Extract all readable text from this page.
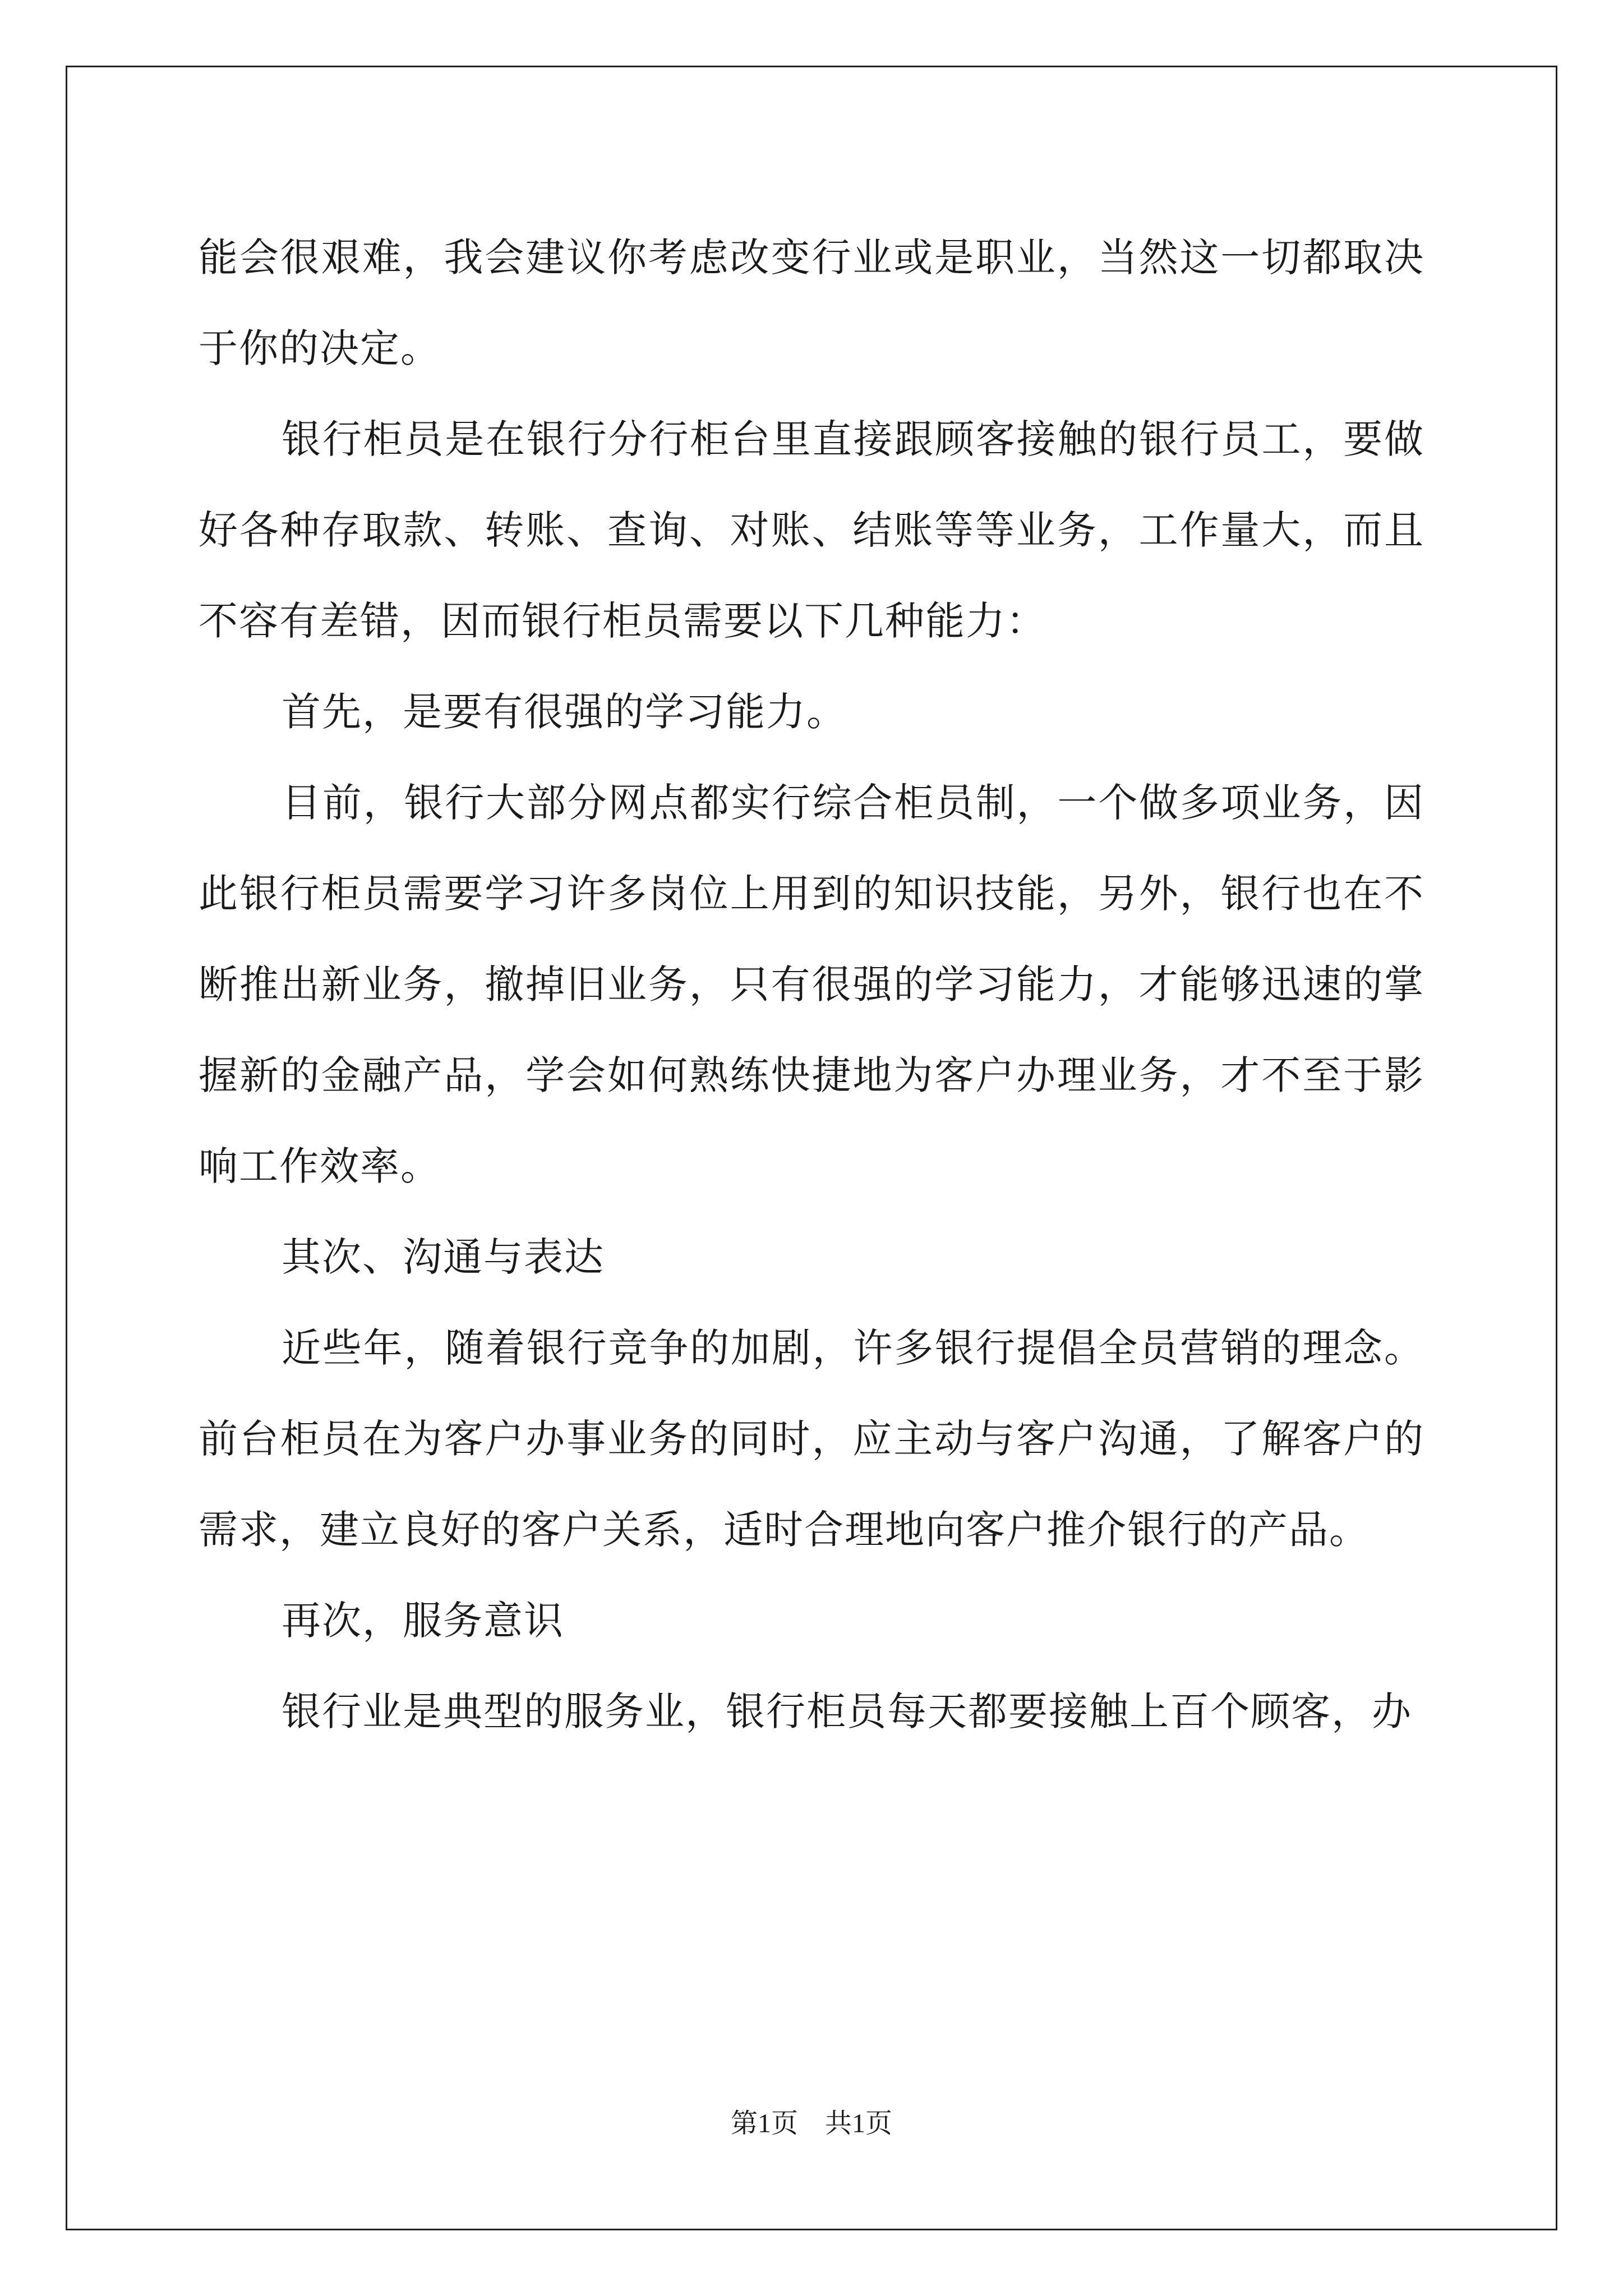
能会很艰难，我会建议你考虑改变行业或是职业，当然这一切都取决于你的决定。

银行柜员是在银行分行柜台里直接跟顾客接触的银行员工，要做好各种存取款、转账、查询、对账、结账等等业务，工作量大，而且不容有差错，因而银行柜员需要以下几种能力：

首先，是要有很强的学习能力。

目前，银行大部分网点都实行综合柜员制，一个做多项业务，因此银行柜员需要学习许多岗位上用到的知识技能，另外，银行也在不断推出新业务，撤掉旧业务，只有很强的学习能力，才能够迅速的掌握新的金融产品，学会如何熟练快捷地为客户办理业务，才不至于影响工作效率。

其次、沟通与表达

近些年，随着银行竞争的加剧，许多银行提倡全员营销的理念。前台柜员在为客户办事业务的同时，应主动与客户沟通，了解客户的需求，建立良好的客户关系，适时合理地向客户推介银行的产品。

再次，服务意识

银行业是典型的服务业，银行柜员每天都要接触上百个顾客，办

第1页　共1页
